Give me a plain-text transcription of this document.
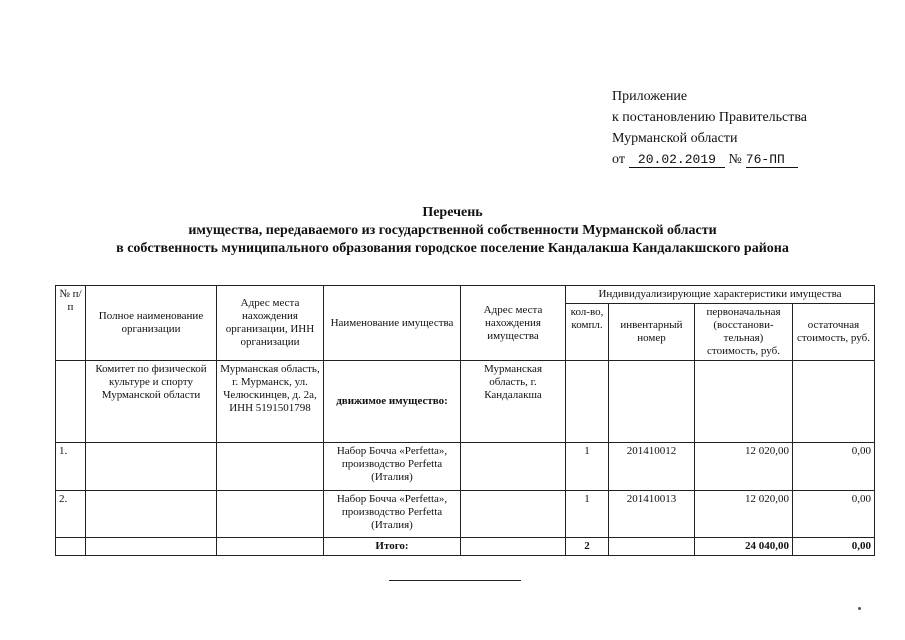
Приложение
к постановлению Правительства
Мурманской области
от 20.02.2019 № 76-ПП
Перечень
имущества, передаваемого из государственной собственности Мурманской области
в собственность муниципального образования городское поселение Кандалакша Кандалакшского района
№ п/п	Полное наименование организации	Адрес места нахождения организации, ИНН организации	Наименование имущества	Адрес места нахождения имущества	Индивидуализирующие характеристики имущества			
					кол-во, компл.	инвентарный номер	первоначальная (восстанови-тельная) стоимость, руб.	остаточная стоимость, руб.
	Комитет по физической культуре и спорту Мурманской области	Мурманская область, г. Мурманск, ул. Челюскинцев, д. 2а, ИНН 5191501798	движимое имущество:	Мурманская область, г. Кандалакша				
1.			Набор Бочча «Perfetta», производство Perfetta (Италия)		1	201410012	12 020,00	0,00
2.			Набор Бочча «Perfetta», производство Perfetta (Италия)		1	201410013	12 020,00	0,00
			Итого:		2		24 040,00	0,00
